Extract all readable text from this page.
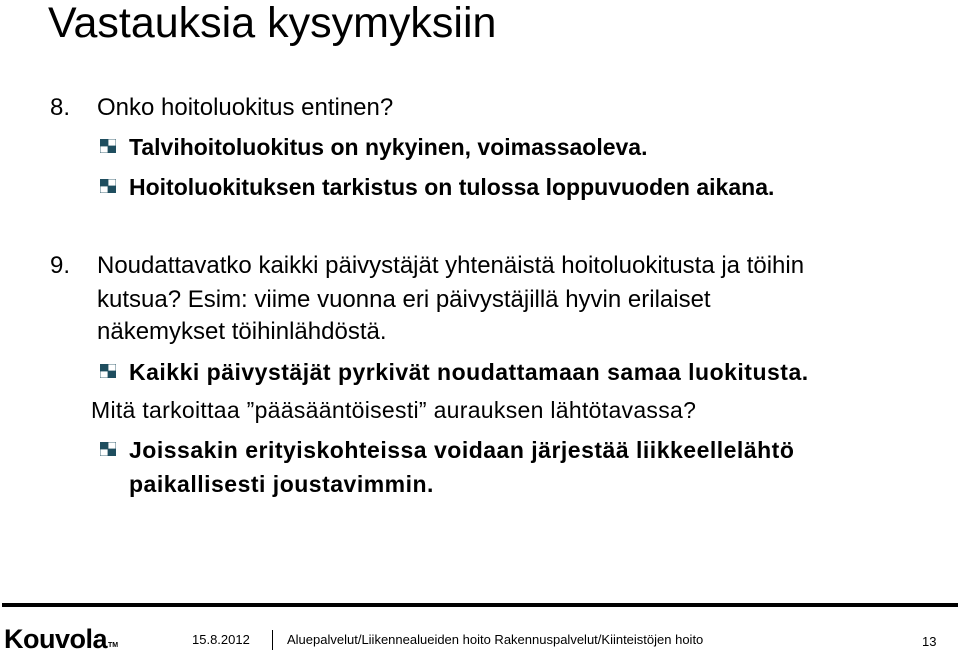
Vastauksia kysymyksiin
8. Onko hoitoluokitus entinen?
Talvihoitoluokitus on nykyinen, voimassaoleva.
Hoitoluokituksen tarkistus on tulossa loppuvuoden aikana.
9. Noudattavatko kaikki päivystäjät yhtenäistä hoitoluokitusta ja töihin
kutsua? Esim: viime vuonna eri päivystäjillä hyvin erilaiset
näkemykset töihinlähdöstä.
Kaikki päivystäjät pyrkivät noudattamaan samaa luokitusta.
Mitä tarkoittaa ”pääsääntöisesti” aurauksen lähtötavassa?
Joissakin erityiskohteissa voidaan järjestää liikkeellelähtö
paikallisesti joustavimmin.
Kouvola TM	15.8.2012	Aluepalvelut/Liikennealueiden hoito Rakennuspalvelut/Kiinteistöjen hoito	13
